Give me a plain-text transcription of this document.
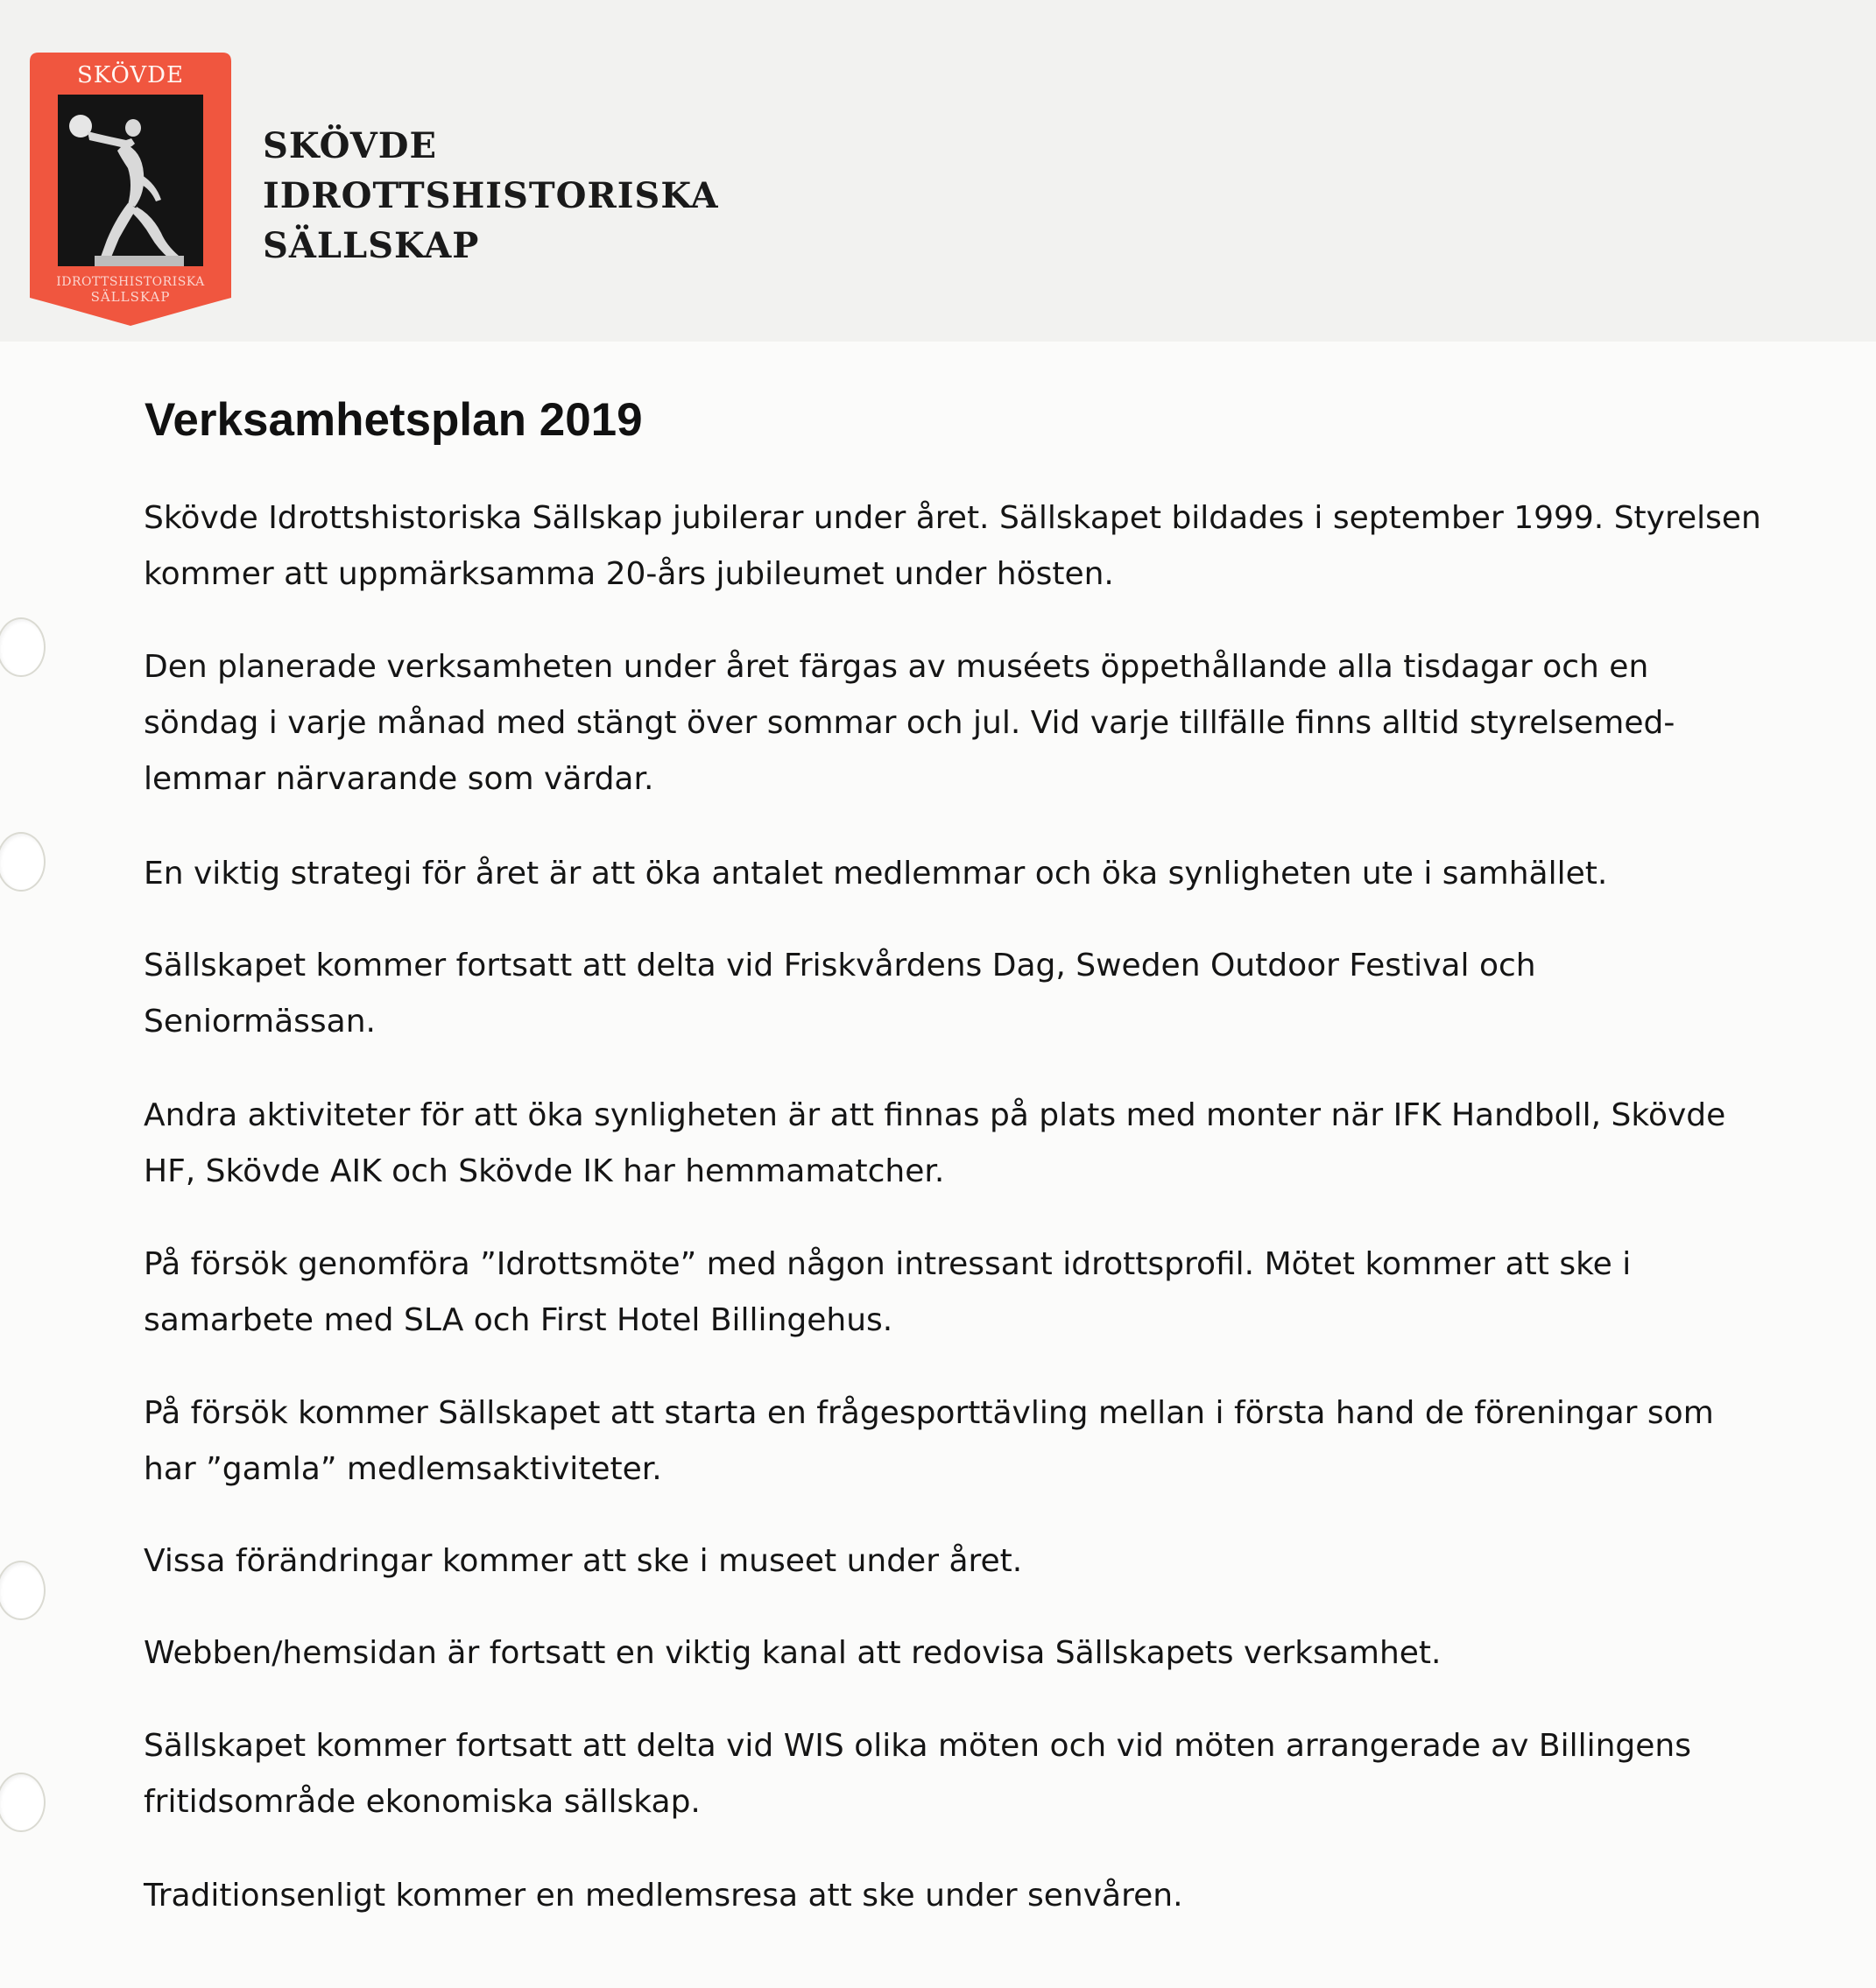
SKÖVDE
IDROTTSHISTORISKA
SÄLLSKAP
SKÖVDE
IDROTTSHISTORISKA
SÄLLSKAP
Verksamhetsplan 2019
Skövde Idrottshistoriska Sällskap jubilerar under året. Sällskapet bildades i september 1999. Styrelsen
kommer att uppmärksamma 20-års jubileumet under hösten.
Den planerade verksamheten under året färgas av muséets öppethållande alla tisdagar och en
söndag i varje månad med stängt över sommar och jul. Vid varje tillfälle finns alltid styrelsemed-
lemmar närvarande som värdar.
En viktig strategi för året är att öka antalet medlemmar och öka synligheten ute i samhället.
Sällskapet kommer fortsatt att delta vid Friskvårdens Dag, Sweden Outdoor Festival och
Seniormässan.
Andra aktiviteter för att öka synligheten är att finnas på plats med monter när IFK Handboll, Skövde
HF, Skövde AIK och Skövde IK har hemmamatcher.
På försök genomföra ”Idrottsmöte” med någon intressant idrottsprofil. Mötet kommer att ske i
samarbete med SLA och First Hotel Billingehus.
På försök kommer Sällskapet att starta en frågesporttävling mellan i första hand de föreningar som
har ”gamla” medlemsaktiviteter.
Vissa förändringar kommer att ske i museet under året.
Webben/hemsidan är fortsatt en viktig kanal att redovisa Sällskapets verksamhet.
Sällskapet kommer fortsatt att delta vid WIS olika möten och vid möten arrangerade av Billingens
fritidsområde ekonomiska sällskap.
Traditionsenligt kommer en medlemsresa att ske under senvåren.
